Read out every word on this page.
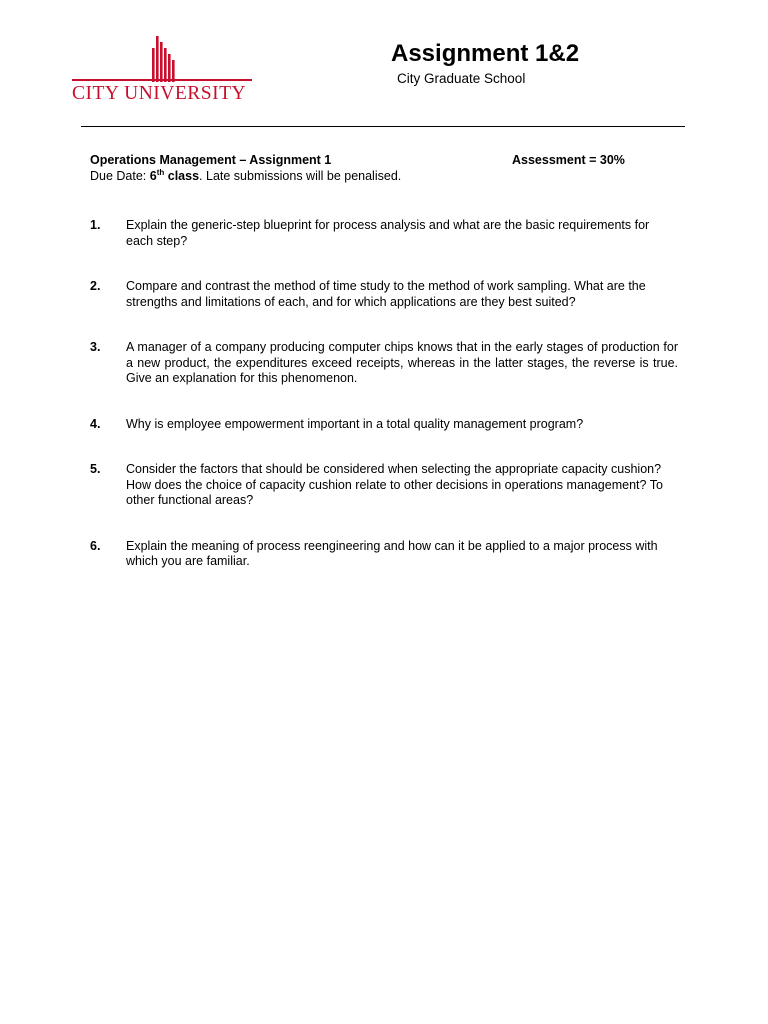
CITY UNIVERSITY
Assignment 1&2
City Graduate School
Operations Management – Assignment 1	Assessment = 30%
Due Date: 6th class. Late submissions will be penalised.
1. Explain the generic-step blueprint for process analysis and what are the basic requirements for each step?
2. Compare and contrast the method of time study to the method of work sampling. What are the strengths and limitations of each, and for which applications are they best suited?
3. A manager of a company producing computer chips knows that in the early stages of production for a new product, the expenditures exceed receipts, whereas in the latter stages, the reverse is true. Give an explanation for this phenomenon.
4. Why is employee empowerment important in a total quality management program?
5. Consider the factors that should be considered when selecting the appropriate capacity cushion? How does the choice of capacity cushion relate to other decisions in operations management? To other functional areas?
6. Explain the meaning of process reengineering and how can it be applied to a major process with which you are familiar.
